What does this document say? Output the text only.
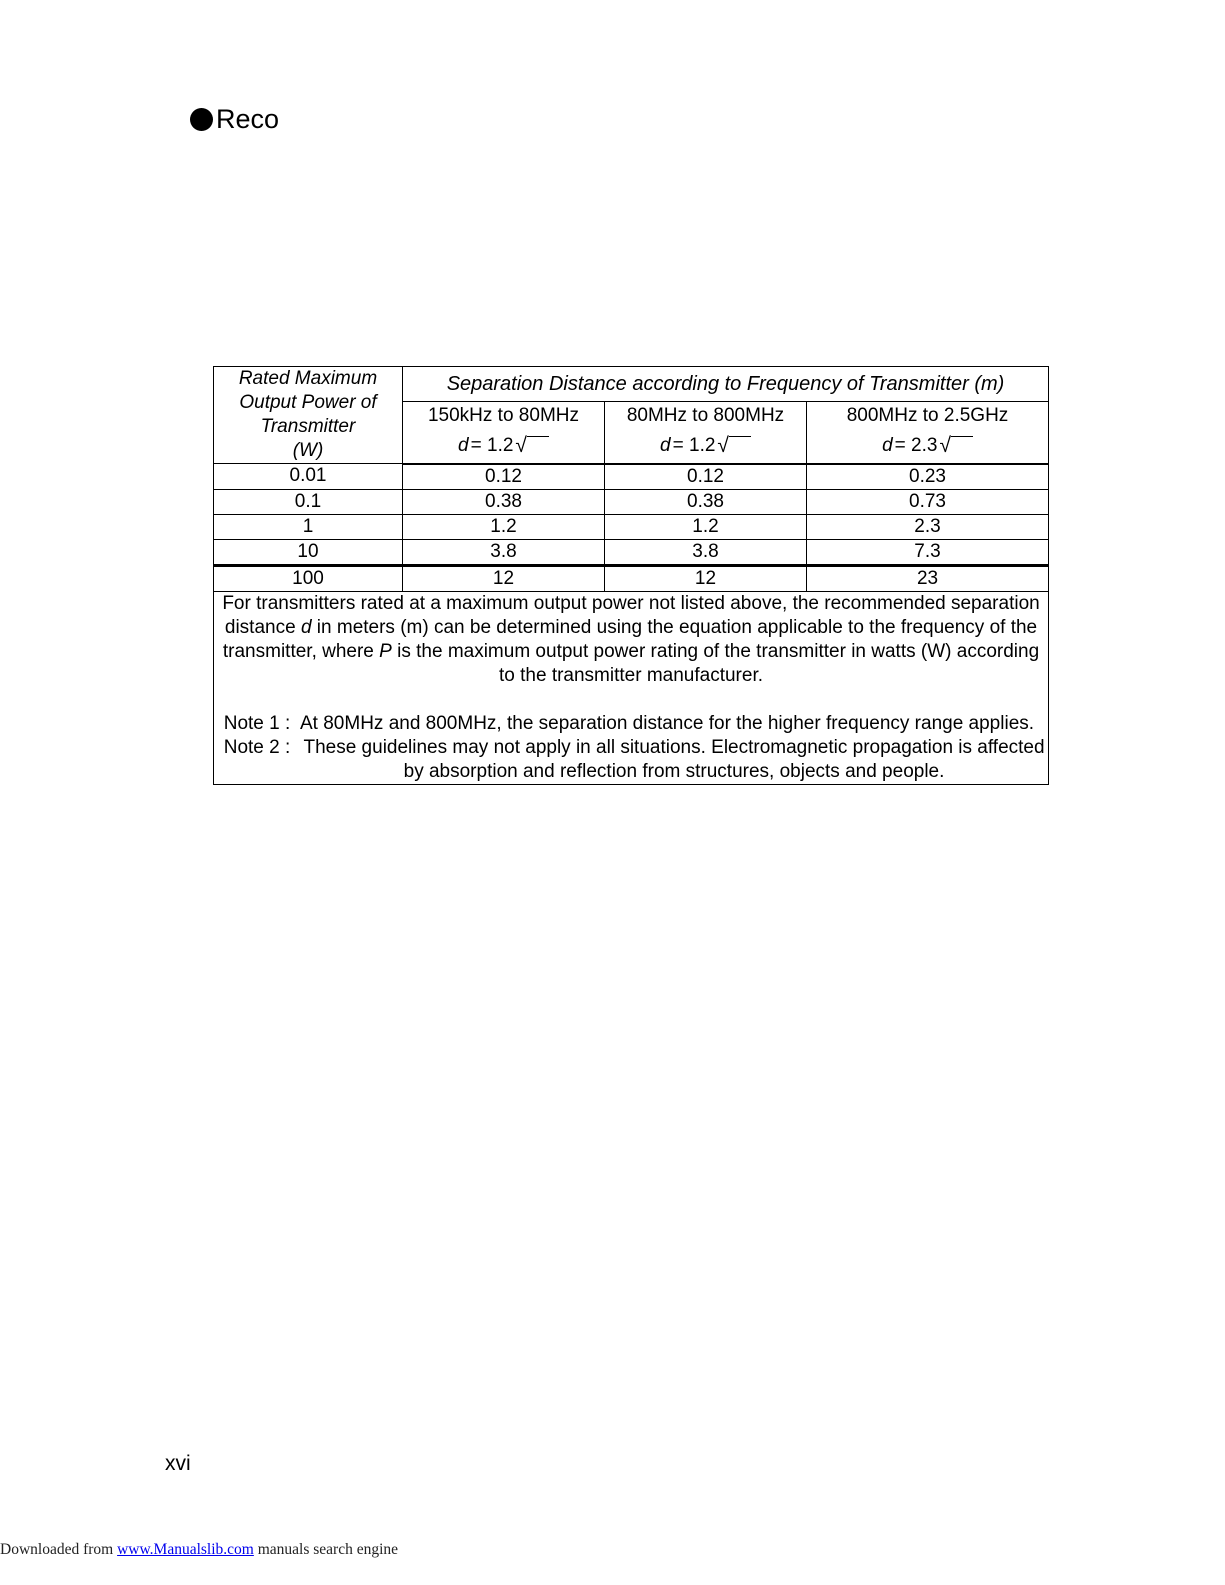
Reco
Rated Maximum
Output Power of
Transmitter
(W)	Separation Distance according to Frequency of Transmitter (m)		
	150kHz to 80MHz	80MHz to 800MHz	800MHz to 2.5GHz

	d = 1.2 √	d = 1.2 √	d = 2.3 √

0.01	0.12	0.12	0.23
0.1	0.38	0.38	0.73
1	1.2	1.2	2.3
10	3.8	3.8	7.3
100	12	12	23

For transmitters rated at a maximum output power not listed above, the recommended separation distance d in meters (m) can be determined using the equation applicable to the frequency of the transmitter, where P is the maximum output power rating of the transmitter in watts (W) according to the transmitter manufacturer.
Note 1 : At 80MHz and 800MHz, the separation distance for the higher frequency range applies.
Note 2 : These guidelines may not apply in all situations. Electromagnetic propagation is affected by absorption and reflection from structures, objects and people.			
xvi
Downloaded from www.Manualslib.com manuals search engine
